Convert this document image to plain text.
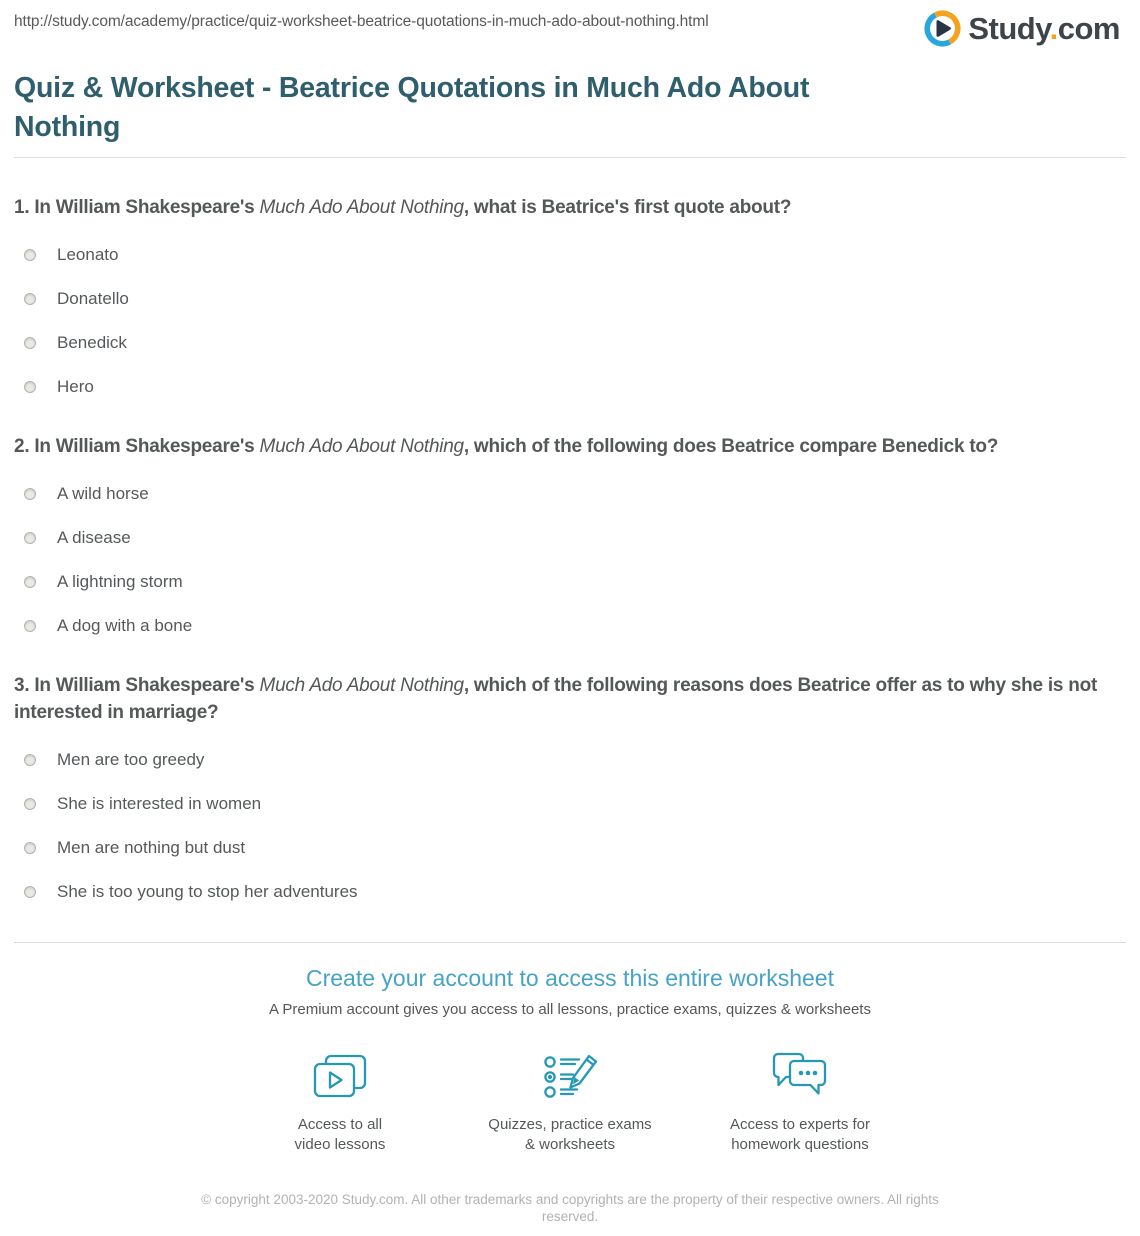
http://study.com/academy/practice/quiz-worksheet-beatrice-quotations-in-much-ado-about-nothing.html	Study.com
Quiz & Worksheet - Beatrice Quotations in Much Ado About Nothing

1. In William Shakespeare's Much Ado About Nothing, what is Beatrice's first quote about?

Leonato
Donatello
Benedick
Hero

2. In William Shakespeare's Much Ado About Nothing, which of the following does Beatrice compare Benedick to?

A wild horse
A disease
A lightning storm
A dog with a bone

3. In William Shakespeare's Much Ado About Nothing, which of the following reasons does Beatrice offer as to why she is not interested in marriage?

Men are too greedy
She is interested in women
Men are nothing but dust
She is too young to stop her adventures
Create your account to access this entire worksheet
A Premium account gives you access to all lessons, practice exams, quizzes & worksheets
Access to all
video lessons
Quizzes, practice exams
& worksheets
Access to experts for
homework questions
© copyright 2003-2020 Study.com. All other trademarks and copyrights are the property of their respective owners. All rights reserved.
